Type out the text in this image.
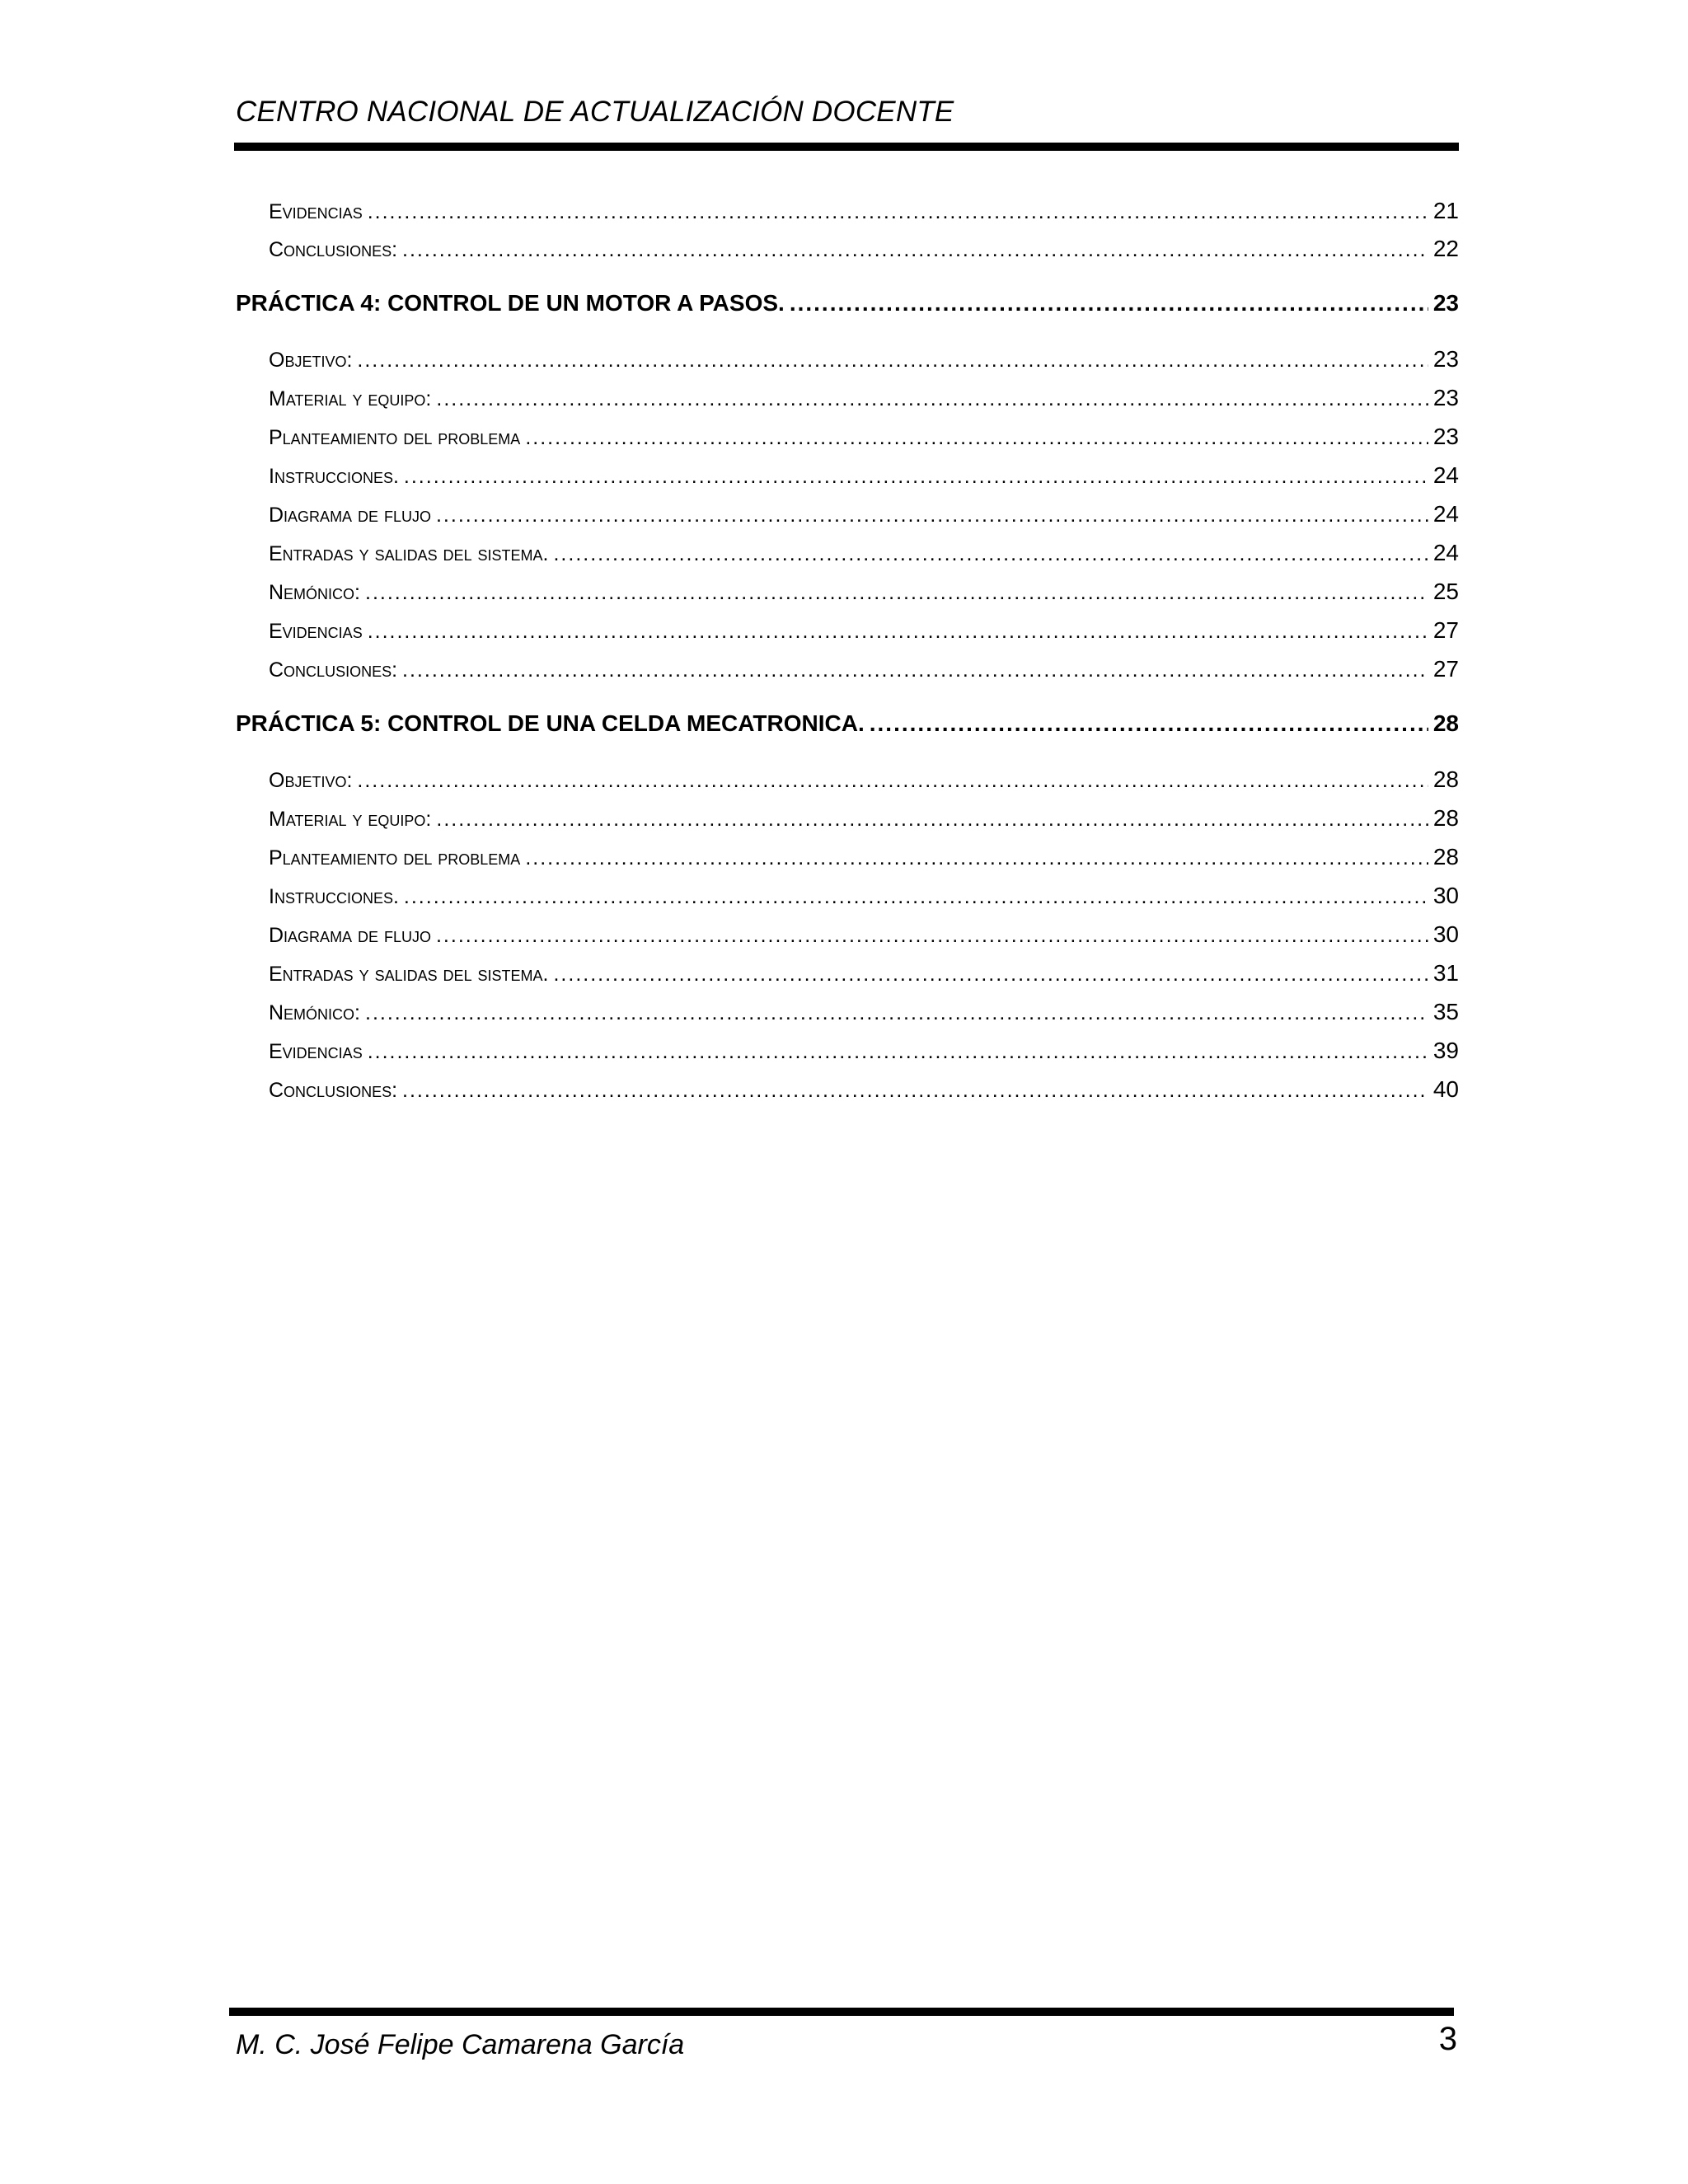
CENTRO NACIONAL DE ACTUALIZACIÓN DOCENTE
Evidencias .....	21
Conclusiones: .....	22
PRÁCTICA 4: CONTROL DE UN MOTOR A PASOS. .....	23
Objetivo: .....	23
Material y equipo: .....	23
Planteamiento del problema .....	23
Instrucciones. .....	24
Diagrama de flujo .....	24
Entradas y salidas del sistema. .....	24
Nemónico: .....	25
Evidencias .....	27
Conclusiones: .....	27
PRÁCTICA 5: CONTROL DE UNA CELDA MECATRONICA. .....	28
Objetivo: .....	28
Material y equipo: .....	28
Planteamiento del problema .....	28
Instrucciones. .....	30
Diagrama de flujo .....	30
Entradas y salidas del sistema. .....	31
Nemónico: .....	35
Evidencias .....	39
Conclusiones: .....	40
M. C. José Felipe Camarena García	3
